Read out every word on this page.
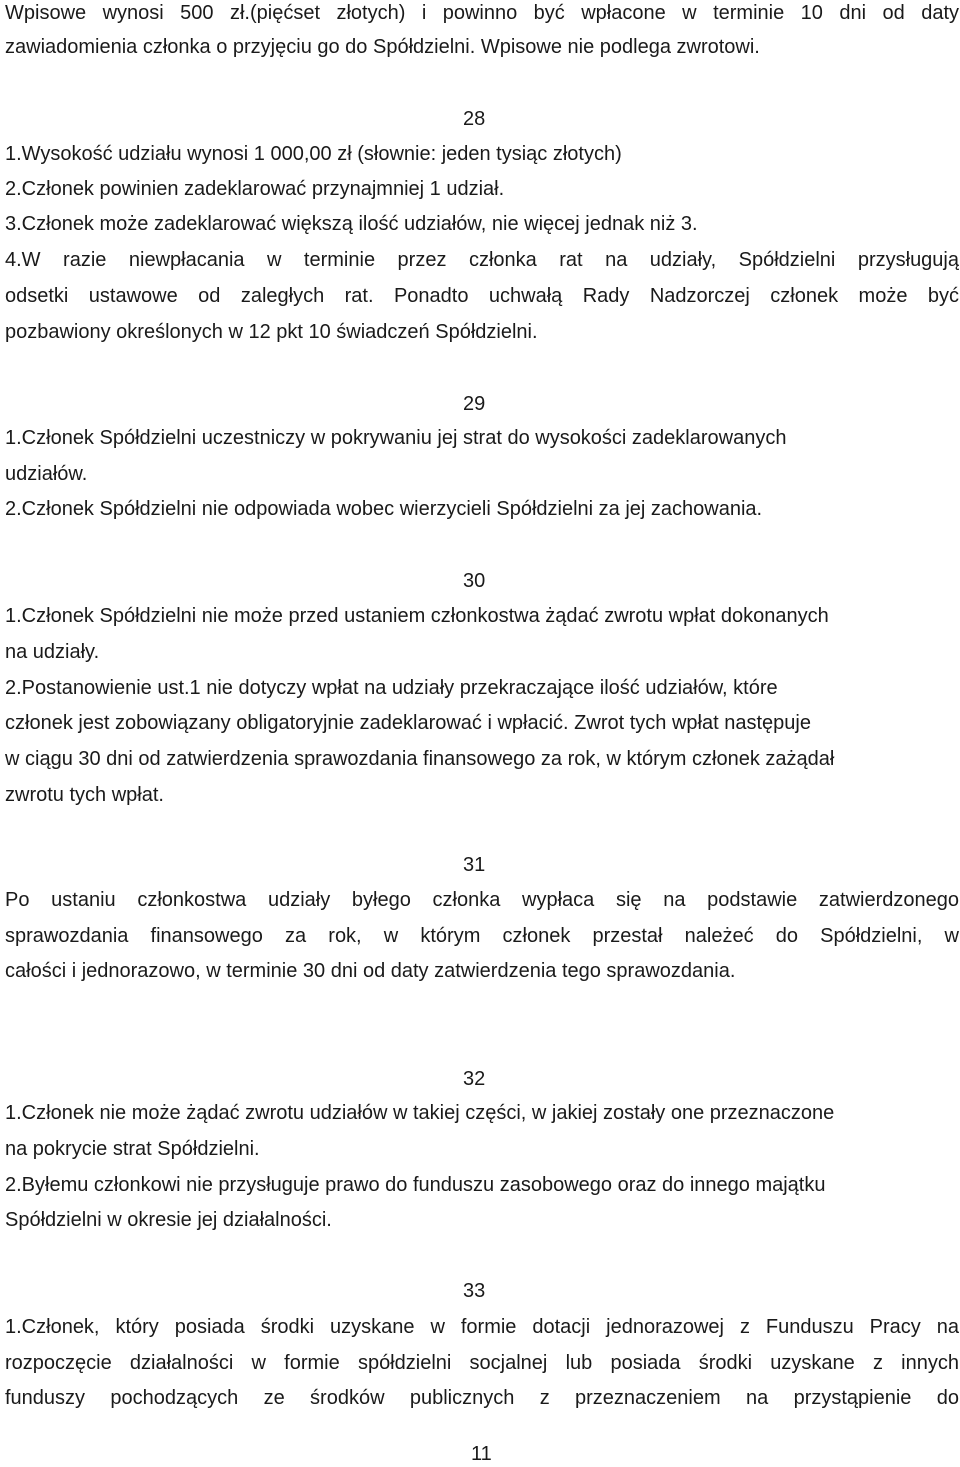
Wpisowe wynosi 500 zł.(pięćset złotych) i powinno być wpłacone w terminie 10 dni od daty
zawiadomienia członka o przyjęciu go do Spółdzielni. Wpisowe nie podlega zwrotowi.
28
1.Wysokość udziału wynosi 1 000,00 zł (słownie: jeden tysiąc złotych)
2.Członek powinien zadeklarować przynajmniej 1 udział.
3.Członek może zadeklarować większą ilość udziałów, nie więcej jednak niż 3.
4.W razie niewpłacania w terminie przez członka rat na udziały, Spółdzielni przysługują
odsetki ustawowe od zaległych rat. Ponadto uchwałą Rady Nadzorczej członek może być
pozbawiony określonych w 12 pkt 10 świadczeń Spółdzielni.
29
1.Członek Spółdzielni uczestniczy w pokrywaniu jej strat do wysokości zadeklarowanych
udziałów.
2.Członek Spółdzielni nie odpowiada wobec wierzycieli Spółdzielni za jej zachowania.
30
1.Członek Spółdzielni nie może przed ustaniem członkostwa żądać zwrotu wpłat dokonanych
na udziały.
2.Postanowienie ust.1 nie dotyczy wpłat na udziały przekraczające ilość udziałów, które
członek jest zobowiązany obligatoryjnie zadeklarować i wpłacić. Zwrot tych wpłat następuje
w ciągu 30 dni od zatwierdzenia sprawozdania finansowego za rok, w którym członek zażądał
zwrotu tych wpłat.
31
Po ustaniu członkostwa udziały byłego członka wypłaca się na podstawie zatwierdzonego
sprawozdania finansowego za rok, w którym członek przestał należeć do Spółdzielni, w
całości i jednorazowo, w terminie 30 dni od daty zatwierdzenia tego sprawozdania.
32
1.Członek nie może żądać zwrotu udziałów w takiej części, w jakiej zostały one przeznaczone
na pokrycie strat Spółdzielni.
2.Byłemu członkowi nie przysługuje prawo do funduszu zasobowego oraz do innego majątku
Spółdzielni w okresie jej działalności.
33
1.Członek, który posiada środki uzyskane w formie dotacji jednorazowej z Funduszu Pracy na
rozpoczęcie działalności w formie spółdzielni socjalnej lub posiada środki uzyskane z innych
funduszy pochodzących ze środków publicznych z przeznaczeniem na przystąpienie do
11
